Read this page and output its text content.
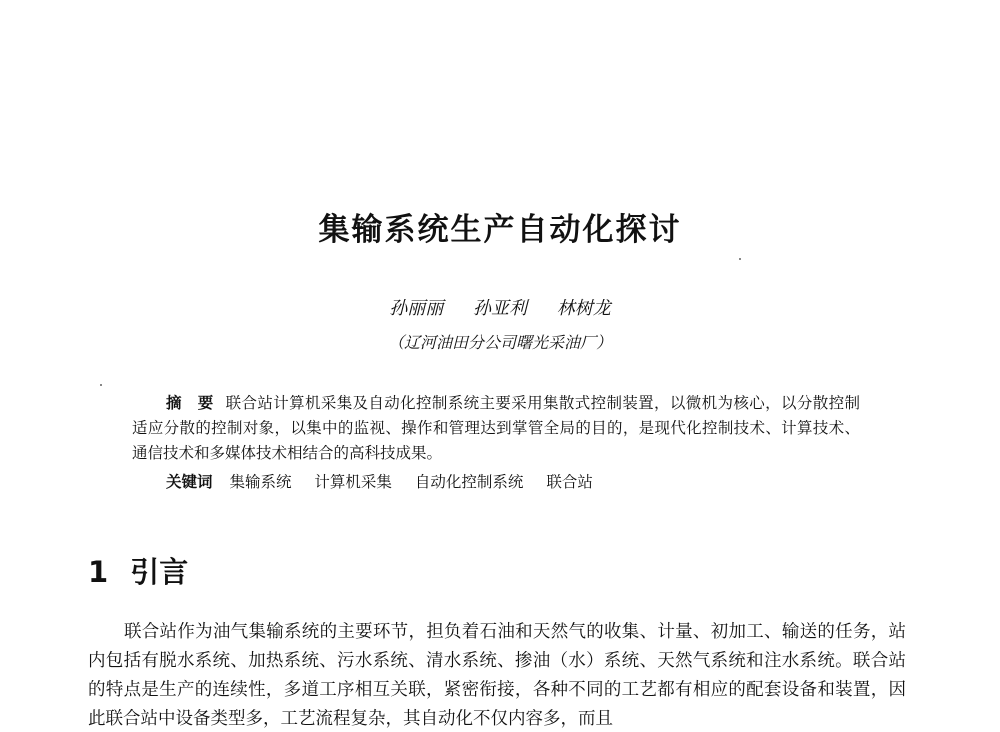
集输系统生产自动化探讨
孙丽丽 孙亚利 林树龙
（辽河油田分公司曙光采油厂）

摘　要 联合站计算机采集及自动化控制系统主要采用集散式控制装置，以微机为核心，以分散控制适应分散的控制对象，以集中的监视、操作和管理达到掌管全局的目的，是现代化控制技术、计算技术、通信技术和多媒体技术相结合的高科技成果。

关键词 集输系统 计算机采集 自动化控制系统 联合站
1 引言

联合站作为油气集输系统的主要环节，担负着石油和天然气的收集、计量、初加工、输送的任务，站内包括有脱水系统、加热系统、污水系统、清水系统、掺油（水）系统、天然气系统和注水系统。联合站的特点是生产的连续性，多道工序相互关联，紧密衔接，各种不同的工艺都有相应的配套设备和装置，因此联合站中设备类型多，工艺流程复杂，其自动化不仅内容多，而且
